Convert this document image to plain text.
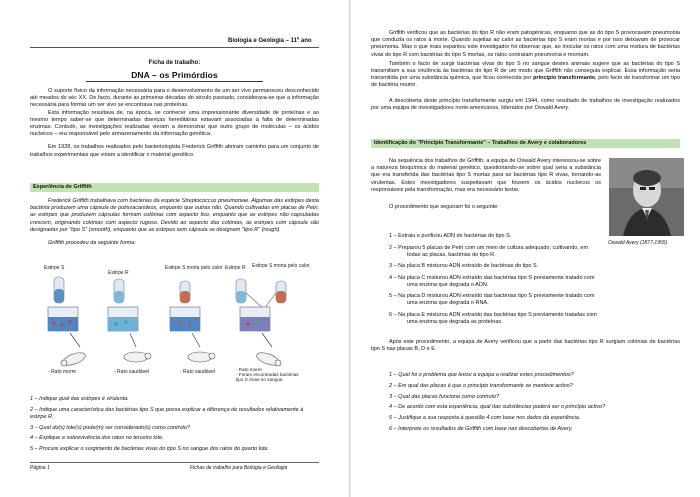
Biologia e Geologia – 11º ano
Ficha de trabalho:
DNA – os Primórdios

O suporte físico da informação necessária para o desenvolvimento de um ser vivo permaneceu desconhecido até meados do séc XX. De facto, durante as primeiras décadas do século passado, considerava-se que a informação necessária para formar um ser vivo se encontrava nas proteínas.

Esta informação resultava de, na época, se conhecer uma impressionante diversidade de proteínas e ao mesmo tempo saber-se que determinadas doenças hereditárias estavam associadas à falta de determinadas enzimas. Contudo, as investigações realizadas vieram a demonstrar que outro grupo de moléculas – os ácidos nucleicos – era responsável pelo armazenamento da informação genética.

Em 1928, os trabalhos realizados pelo bacteriologista Frederick Griffith abriram caminho para um conjunto de trabalhos experimentais que viriam a identificar o material genético.

Experiência de Griffith

Frederick Griffith trabalhava com bactérias da espécie Streptococcus pneumoniae. Algumas das estirpes desta bactéria produzem uma cápsula de polissacarídeos, enquanto que outras não. Quando cultivadas em placas de Petri, as estirpes que produzem cápsulas formam colónias com aspecto liso, enquanto que as estirpes não capsuladas crescem, originando colónias com aspecto rugoso. Devido ao aspecto das colónias, as estirpes com cápsula são designadas por "tipo S" (smooth), enquanto que as estirpes sem cápsula se designam "tipo R" (rough).

Griffith procedeu da seguinte forma:

Estirpe S
Estirpe R
Estirpe S morta pelo calor Estirpe R Estirpe S morta pelo calor
- Rato morre	- Rato saudável	- Rato saudável	- Rato morre
- Foram encontradas bactérias tipo S vivas no sangue.
1 – Indique qual das estirpes é virulenta.
2 – Indique uma característica das bactérias tipo S que possa explicar a diferença de resultados relativamente à estirpe R.
3 – Qual do(s) lote(s) pode(m) ser considerado(s) como controlo?
4 – Explique a sobrevivência dos ratos no terceiro lote.
5 – Procure explicar o surgimento de bactérias vivas do tipo S no sangue dos ratos do quarto lote.
Página 1	Fichas de trabalho para Biologia e Geologia

Griffith verificou que as bactérias do tipo R não eram patogénicas, enquanto que as do tipo S provocavam pneumonia que conduzia os ratos à morte. Quando sujeitas ao calor as bactérias tipo S eram mortas e por isso deixavam de provocar pneumonia. Mas o que mais espantou este investigador foi observar que, ao inocular os ratos com uma mistura de bactérias vivas do tipo R com bactérias do tipo S mortas, os ratos contraíam pneumonia e morriam.

Também o facto de surgir bactérias vivas do tipo S no sangue destes animais sugere que as bactérias do tipo S transmitiam a sua virulência às bactérias do tipo R de um modo que Griffith não conseguia explicar. Essa informação seria transmitida por uma substância química, que ficou conhecida por princípio transformante, pelo facto de transformar um tipo de bactéria noutro.

A descoberta deste princípio transformante surgiu em 1944, como resultado de trabalhos de investigação realizados por uma equipa de investigadores norte-americanos, liderados por Oswald Avery.

Identificação do "Princípio Transformante" – Trabalhos de Avery e colaboradores

Na sequência dos trabalhos de Griffith, a equipa de Oswald Avery interessou-se sobre a natureza bioquímica do material genético, questionando-se sobre qual seria a substância que era transferida das bactérias tipo S mortas para as bactérias tipo R vivas, tornando-as virulentas. Estes investigadores suspeitavam que fossem os ácidos nucleicos os responsáveis pela transformação, mas era necessário testar.

O procedimento que seguiram foi o seguinte:

Oswald Avery (1877-1955)
1 – Extraiu e purificou ADN de bactérias do tipo S.
2 – Preparou 5 placas de Petri com um meio de cultura adequado, cultivando, em todas as placas, bactérias do tipo R.
3 – Na placa B misturou ADN extraído de bactérias do tipo S.
4 – Na placa C misturou ADN extraído das bactérias tipo S previamente tratado com uma enzima que degrada o ADN.
5 – Na placa D misturou ADN extraído das bactérias tipo S previamente tratado com uma enzima que degrada o RNA.
6 – Na placa E misturou ADN extraído das bactérias tipo S previamente tratadas com uma enzima que degrada as proteínas.

Após este procedimento, a equipa de Avery verificou que a partir das bactérias tipo R surgiam colónias de bactérias tipo S nas placas B, D e E.

1 – Qual foi o problema que levou a equipa a realizar estes procedimentos?
2 – Em qual das placas é que o princípio transformante se manteve activo?
3 – Qual das placas funciona como controlo?
4 – De acordo com esta experiência, qual das substâncias poderá ser o princípio activo?
5 – Justifique a sua resposta à questão 4 com base nos dados da experiência.
6 – Interprete os resultados de Griffith com base nas descobertas de Avery.
